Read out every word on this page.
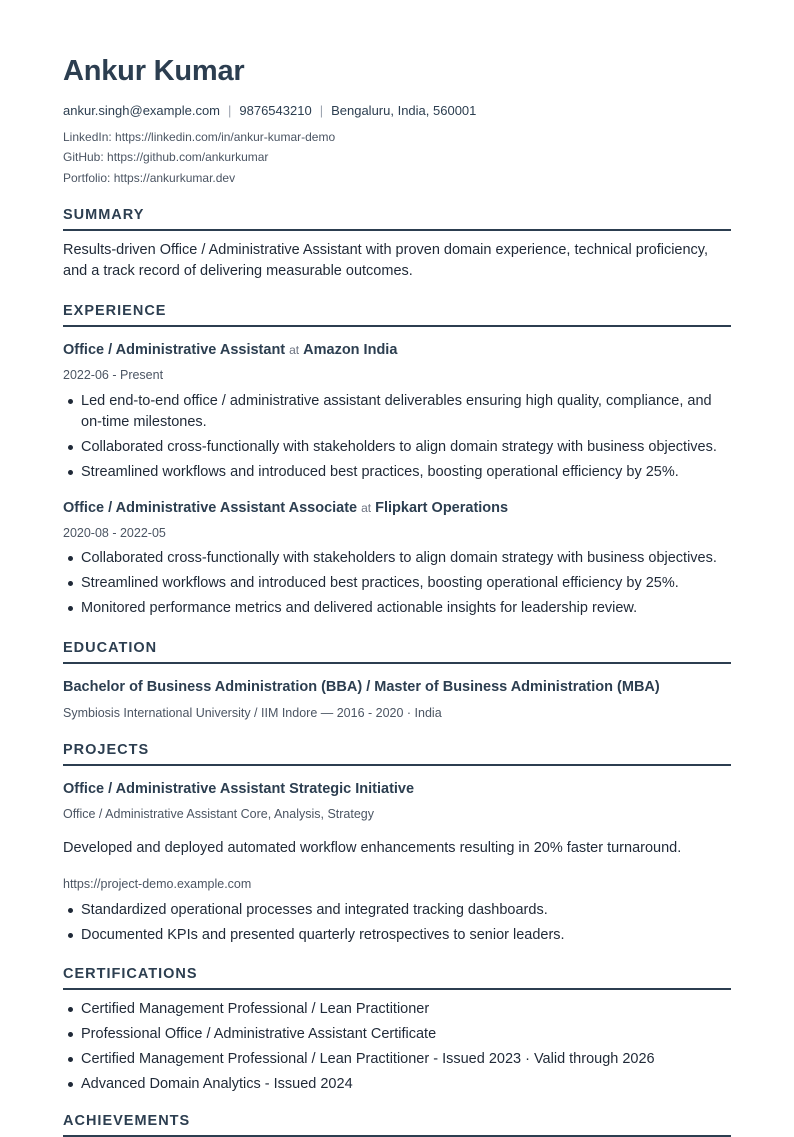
Ankur Kumar
ankur.singh@example.com | 9876543210 | Bengaluru, India, 560001
LinkedIn: https://linkedin.com/in/ankur-kumar-demo
GitHub: https://github.com/ankurkumar
Portfolio: https://ankurkumar.dev
SUMMARY

Results-driven Office / Administrative Assistant with proven domain experience, technical proficiency, and a track record of delivering measurable outcomes.

EXPERIENCE
Office / Administrative Assistant at Amazon India
2022-06 - Present
Led end-to-end office / administrative assistant deliverables ensuring high quality, compliance, and on-time milestones.
Collaborated cross-functionally with stakeholders to align domain strategy with business objectives.
Streamlined workflows and introduced best practices, boosting operational efficiency by 25%.
Office / Administrative Assistant Associate at Flipkart Operations
2020-08 - 2022-05
Collaborated cross-functionally with stakeholders to align domain strategy with business objectives.
Streamlined workflows and introduced best practices, boosting operational efficiency by 25%.
Monitored performance metrics and delivered actionable insights for leadership review.
EDUCATION
Bachelor of Business Administration (BBA) / Master of Business Administration (MBA)
Symbiosis International University / IIM Indore — 2016 - 2020 · India
PROJECTS
Office / Administrative Assistant Strategic Initiative
Office / Administrative Assistant Core, Analysis, Strategy

Developed and deployed automated workflow enhancements resulting in 20% faster turnaround.

https://project-demo.example.com
Standardized operational processes and integrated tracking dashboards.
Documented KPIs and presented quarterly retrospectives to senior leaders.
CERTIFICATIONS
Certified Management Professional / Lean Practitioner
Professional Office / Administrative Assistant Certificate
Certified Management Professional / Lean Practitioner - Issued 2023 · Valid through 2026
Advanced Domain Analytics - Issued 2024
ACHIEVEMENTS
